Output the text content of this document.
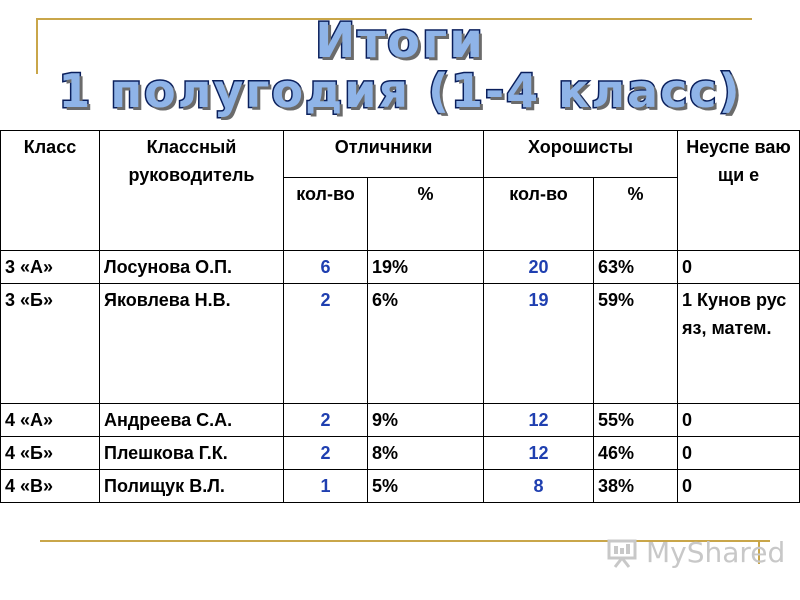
Итоги
1 полугодия (1-4 класс)
Класс	Классный руководитель	Отличники		Хорошисты		Неуспе вающи е
		кол-во	%	кол-во	%	
3 «А»	Лосунова О.П.	6	19%	20	63%	0
3 «Б»	Яковлева Н.В.	2	6%	19	59%	1 Кунов рус яз, матем.
4 «А»	Андреева С.А.	2	9%	12	55%	0
4 «Б»	Плешкова Г.К.	2	8%	12	46%	0
4 «В»	Полищук В.Л.	1	5%	8	38%	0
MyShared
